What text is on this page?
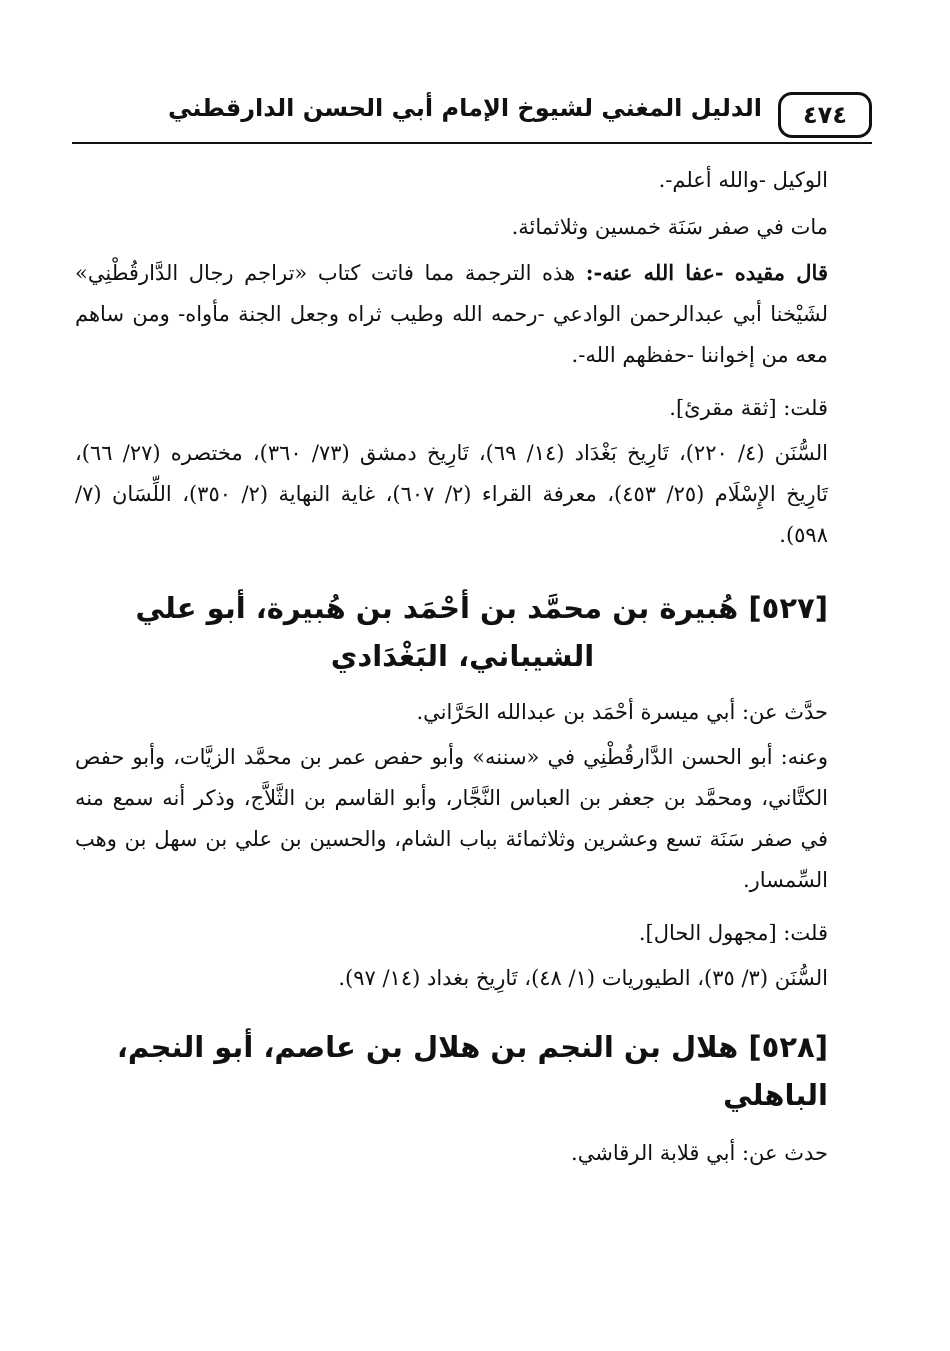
٤٧٤
الدليل المغني لشيوخ الإمام أبي الحسن الدارقطني

الوكيل -والله أعلم-.

مات في صفر سَنَة خمسين وثلاثمائة.

قال مقيده -عفا الله عنه-: هذه الترجمة مما فاتت كتاب «تراجم رجال الدَّارقُطْنِي» لشَيْخنا أبي عبدالرحمن الوادعي -رحمه الله وطيب ثراه وجعل الجنة مأواه- ومن ساهم معه من إخواننا -حفظهم الله-.

قلت: [ثقة مقرئ].

السُّنَن (٤/ ٢٢٠)، تَارِيخ بَغْدَاد (١٤/ ٦٩)، تَارِيخ دمشق (٧٣/ ٣٦٠)، مختصره (٢٧/ ٦٦)، تَارِيخ الإِسْلَام (٢٥/ ٤٥٣)، معرفة القراء (٢/ ٦٠٧)، غاية النهاية (٢/ ٣٥٠)، اللِّسَان (٧/ ٥٩٨).

[٥٢٧] هُبيرة بن محمَّد بن أحْمَد بن هُبيرة، أبو علي

الشيباني، البَغْدَادي

حدَّث عن: أبي ميسرة أحْمَد بن عبدالله الحَرَّاني.

وعنه: أبو الحسن الدَّارقُطْنِي في «سننه» وأبو حفص عمر بن محمَّد الزيَّات، وأبو حفص الكتَّاني، ومحمَّد بن جعفر بن العباس النَّجَّار، وأبو القاسم بن الثَّلاَّج، وذكر أنه سمع منه في صفر سَنَة تسع وعشرين وثلاثمائة بباب الشام، والحسين بن علي بن سهل بن وهب السِّمسار.

قلت: [مجهول الحال].

السُّنَن (٣/ ٣٥)، الطيوريات (١/ ٤٨)، تَارِيخ بغداد (١٤/ ٩٧).

[٥٢٨] هلال بن النجم بن هلال بن عاصم، أبو النجم، الباهلي

حدث عن: أبي قلابة الرقاشي.
